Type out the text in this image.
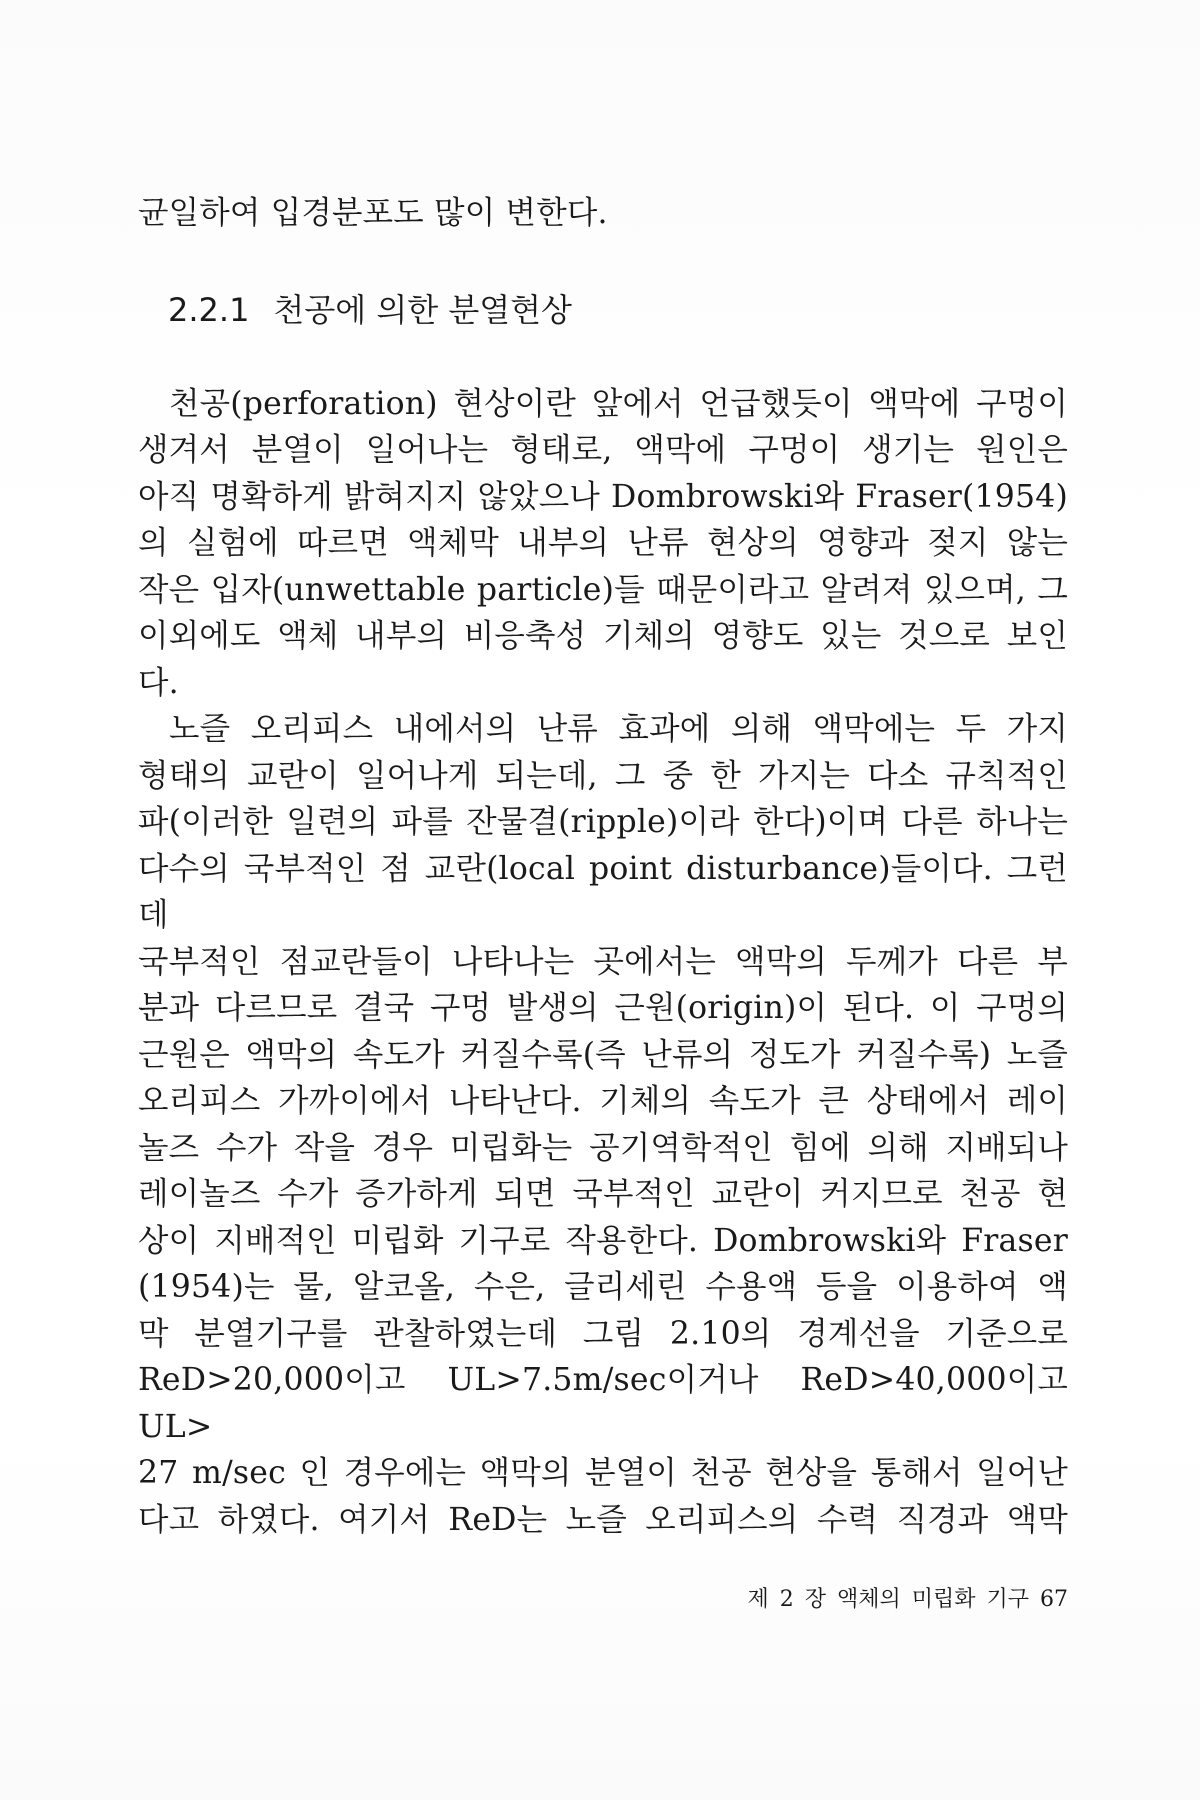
균일하여 입경분포도 많이 변한다.
2.2.1 천공에 의한 분열현상
천공(perforation) 현상이란 앞에서 언급했듯이 액막에 구멍이
생겨서 분열이 일어나는 형태로, 액막에 구멍이 생기는 원인은
아직 명확하게 밝혀지지 않았으나 Dombrowski와 Fraser(1954)
의 실험에 따르면 액체막 내부의 난류 현상의 영향과 젖지 않는
작은 입자(unwettable particle)들 때문이라고 알려져 있으며, 그
이외에도 액체 내부의 비응축성 기체의 영향도 있는 것으로 보인
다.
노즐 오리피스 내에서의 난류 효과에 의해 액막에는 두 가지
형태의 교란이 일어나게 되는데, 그 중 한 가지는 다소 규칙적인
파(이러한 일련의 파를 잔물결(ripple)이라 한다)이며 다른 하나는
다수의 국부적인 점 교란(local point disturbance)들이다. 그런데
국부적인 점교란들이 나타나는 곳에서는 액막의 두께가 다른 부
분과 다르므로 결국 구멍 발생의 근원(origin)이 된다. 이 구멍의
근원은 액막의 속도가 커질수록(즉 난류의 정도가 커질수록) 노즐
오리피스 가까이에서 나타난다. 기체의 속도가 큰 상태에서 레이
놀즈 수가 작을 경우 미립화는 공기역학적인 힘에 의해 지배되나
레이놀즈 수가 증가하게 되면 국부적인 교란이 커지므로 천공 현
상이 지배적인 미립화 기구로 작용한다. Dombrowski와 Fraser
(1954)는 물, 알코올, 수은, 글리세린 수용액 등을 이용하여 액
막 분열기구를 관찰하였는데 그림 2.10의 경계선을 기준으로
ReD>20,000이고 UL>7.5m/sec이거나 ReD>40,000이고 UL>
27 m/sec 인 경우에는 액막의 분열이 천공 현상을 통해서 일어난
다고 하였다. 여기서 ReD는 노즐 오리피스의 수력 직경과 액막
제 2 장 액체의 미립화 기구 67
